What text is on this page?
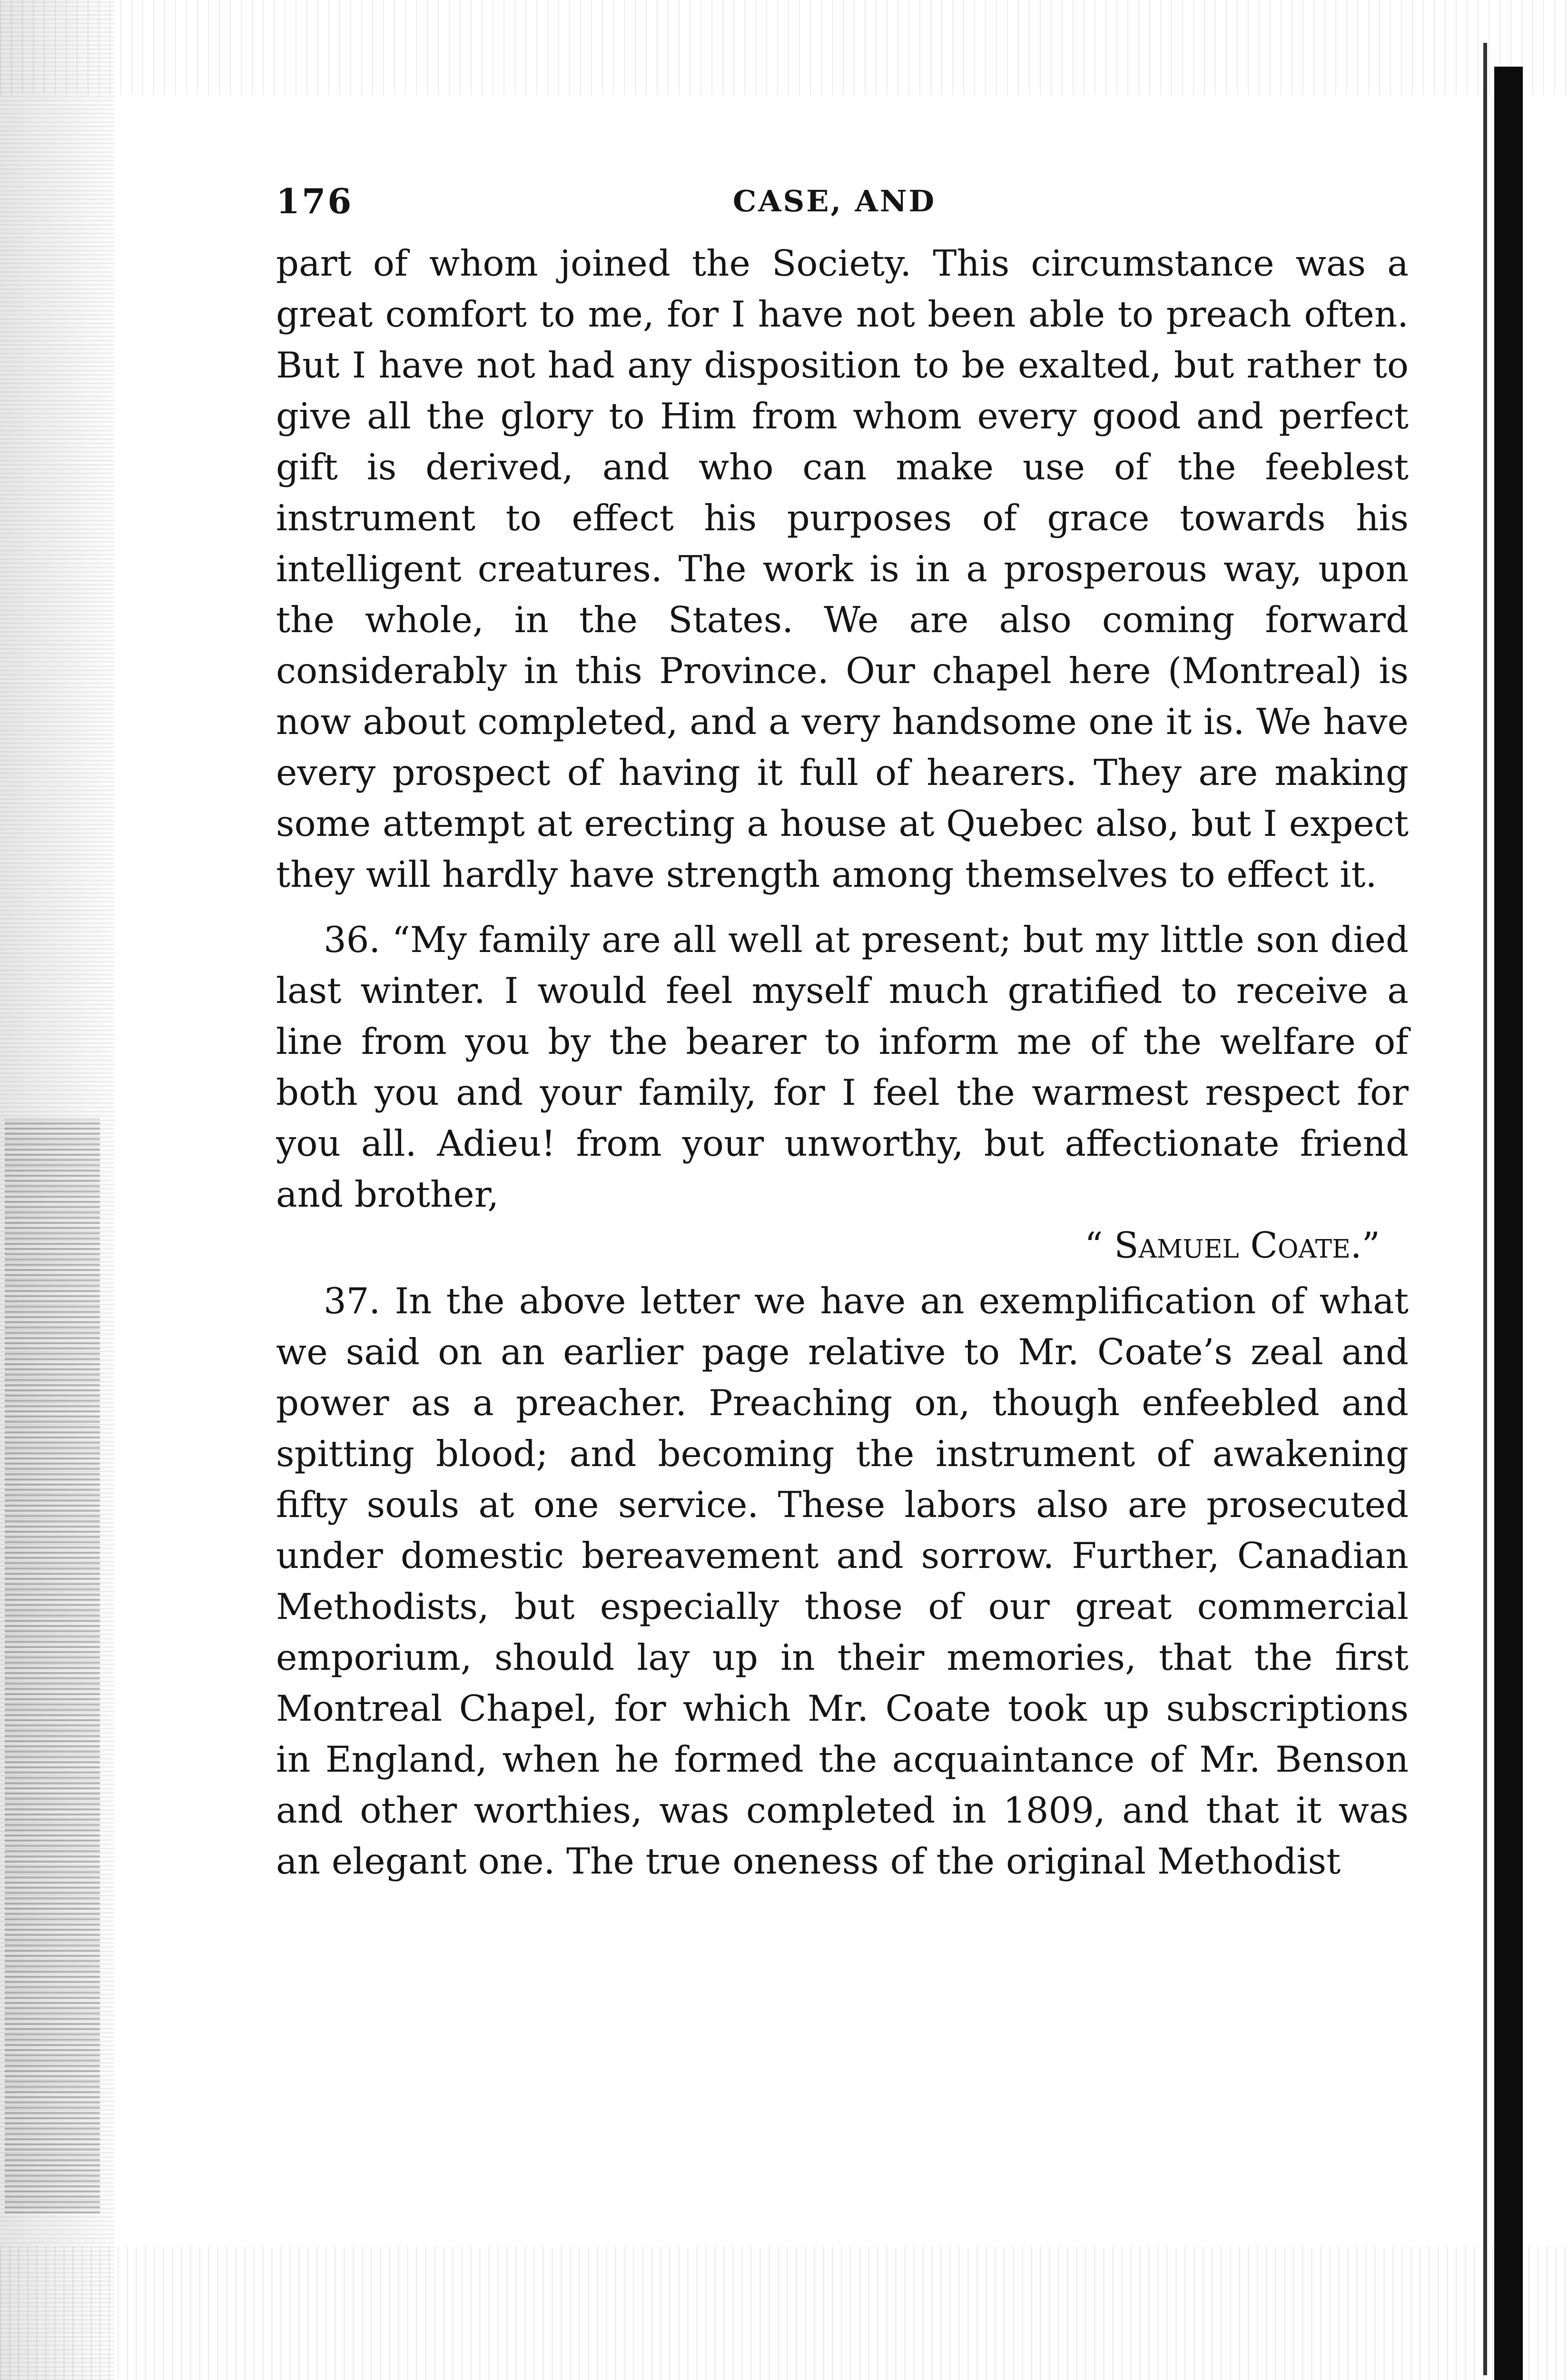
176	CASE, AND

part of whom joined the Society. This circumstance was a great comfort to me, for I have not been able to preach often. But I have not had any disposition to be exalted, but rather to give all the glory to Him from whom every good and perfect gift is derived, and who can make use of the feeblest instrument to effect his purposes of grace towards his intelligent creatures. The work is in a prosperous way, upon the whole, in the States. We are also coming forward considerably in this Province. Our chapel here (Montreal) is now about completed, and a very handsome one it is. We have every prospect of having it full of hearers. They are making some attempt at erecting a house at Quebec also, but I expect they will hardly have strength among themselves to effect it.

36. “My family are all well at present; but my little son died last winter. I would feel myself much gratified to receive a line from you by the bearer to inform me of the welfare of both you and your family, for I feel the warmest respect for you all. Adieu! from your unworthy, but affectionate friend and brother,

“ Samuel Coate.”

37. In the above letter we have an exemplification of what we said on an earlier page relative to Mr. Coate’s zeal and power as a preacher. Preaching on, though enfeebled and spitting blood; and becoming the instrument of awakening fifty souls at one service. These labors also are prosecuted under domestic bereavement and sorrow. Further, Canadian Methodists, but especially those of our great commercial emporium, should lay up in their memories, that the first Montreal Chapel, for which Mr. Coate took up subscriptions in England, when he formed the acquaintance of Mr. Benson and other worthies, was completed in 1809, and that it was an elegant one. The true oneness of the original Methodist
